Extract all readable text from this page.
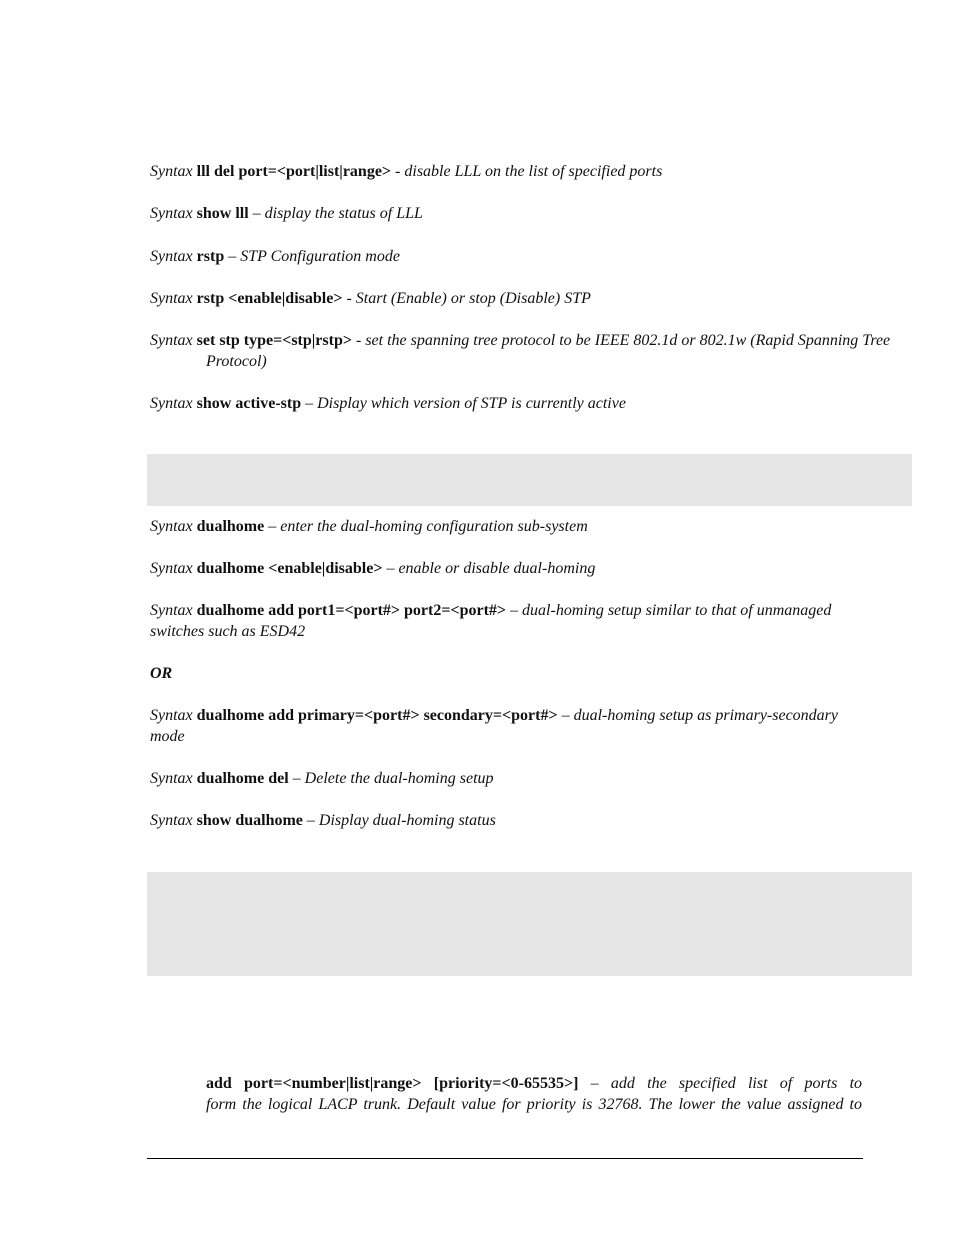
Syntax lll del port=<port|list|range> - disable LLL on the list of specified ports
Syntax show lll – display the status of LLL
Syntax rstp – STP Configuration mode
Syntax rstp <enable|disable> - Start (Enable) or stop (Disable) STP
Syntax set stp type=<stp|rstp> - set the spanning tree protocol to be IEEE 802.1d or 802.1w (Rapid Spanning Tree Protocol)
Syntax show active-stp – Display which version of STP is currently active
Syntax dualhome – enter the dual-homing configuration sub-system
Syntax dualhome <enable|disable> – enable or disable dual-homing
Syntax dualhome add port1=<port#> port2=<port#> – dual-homing setup similar to that of unmanaged switches such as ESD42
OR
Syntax dualhome add primary=<port#> secondary=<port#> – dual-homing setup as primary-secondary mode
Syntax dualhome del – Delete the dual-homing setup
Syntax show dualhome – Display dual-homing status
add port=<number|list|range> [priority=<0-65535>] – add the specified list of ports to
form the logical LACP trunk. Default value for priority is 32768. The lower the value assigned to
